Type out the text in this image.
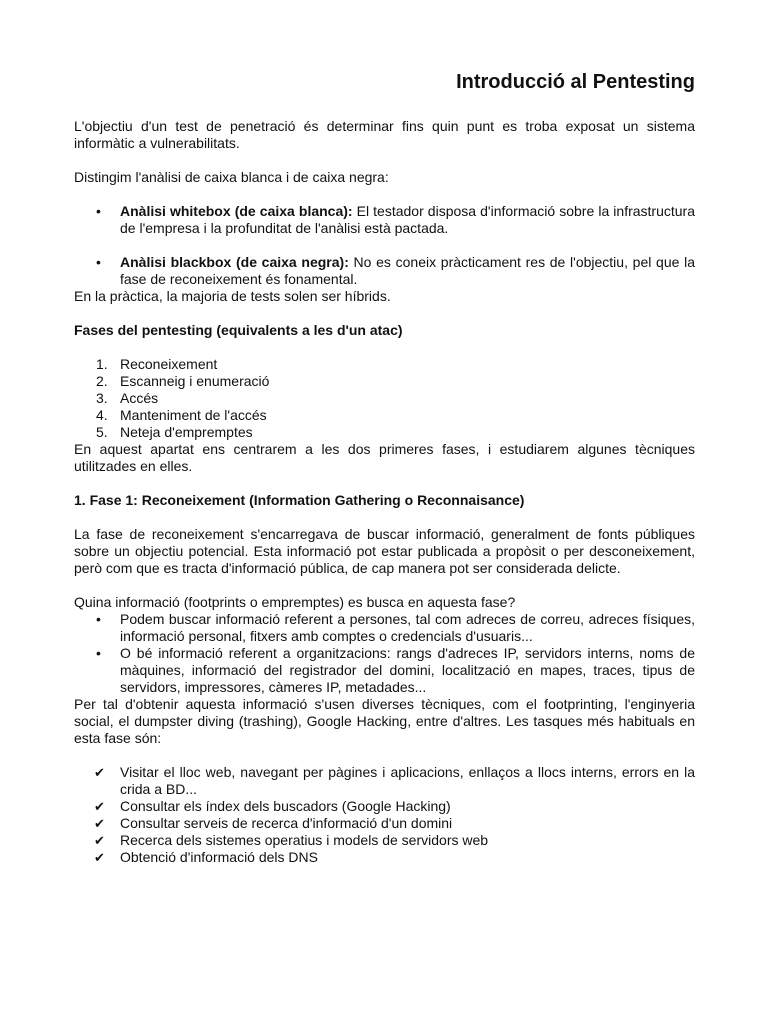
Introducció al Pentesting

L'objectiu d'un test de penetració és determinar fins quin punt es troba exposat un sistema informàtic a vulnerabilitats.

Distingim l'anàlisi de caixa blanca i de caixa negra:

• Anàlisi whitebox (de caixa blanca): El testador disposa d'informació sobre la infrastructura de l'empresa i la profunditat de l'anàlisi està pactada.
• Anàlisi blackbox (de caixa negra): No es coneix pràcticament res de l'objectiu, pel que la fase de reconeixement és fonamental.

En la pràctica, la majoria de tests solen ser híbrids.

Fases del pentesting (equivalents a les d'un atac)
1. Reconeixement
2. Escanneig i enumeració
3. Accés
4. Manteniment de l'accés
5. Neteja d'empremptes

En aquest apartat ens centrarem a les dos primeres fases, i estudiarem algunes tècniques utilitzades en elles.

1. Fase 1: Reconeixement (Information Gathering o Reconnaisance)

La fase de reconeixement s'encarregava de buscar informació, generalment de fonts públiques sobre un objectiu potencial. Esta informació pot estar publicada a propòsit o per desconeixement, però com que es tracta d'informació pública, de cap manera pot ser considerada delicte.

Quina informació (footprints o empremptes) es busca en aquesta fase?

• Podem buscar informació referent a persones, tal com adreces de correu, adreces físiques, informació personal, fitxers amb comptes o credencials d'usuaris...
• O bé informació referent a organitzacions: rangs d'adreces IP, servidors interns, noms de màquines, informació del registrador del domini, localització en mapes, traces, tipus de servidors, impressores, càmeres IP, metadades...

Per tal d'obtenir aquesta informació s'usen diverses tècniques, com el footprinting, l'enginyeria social, el dumpster diving (trashing), Google Hacking, entre d'altres. Les tasques més habituals en esta fase són:

✔ Visitar el lloc web, navegant per pàgines i aplicacions, enllaços a llocs interns, errors en la crida a BD...
✔ Consultar els índex dels buscadors (Google Hacking)
✔ Consultar serveis de recerca d'informació d'un domini
✔ Recerca dels sistemes operatius i models de servidors web
✔ Obtenció d'informació dels DNS
